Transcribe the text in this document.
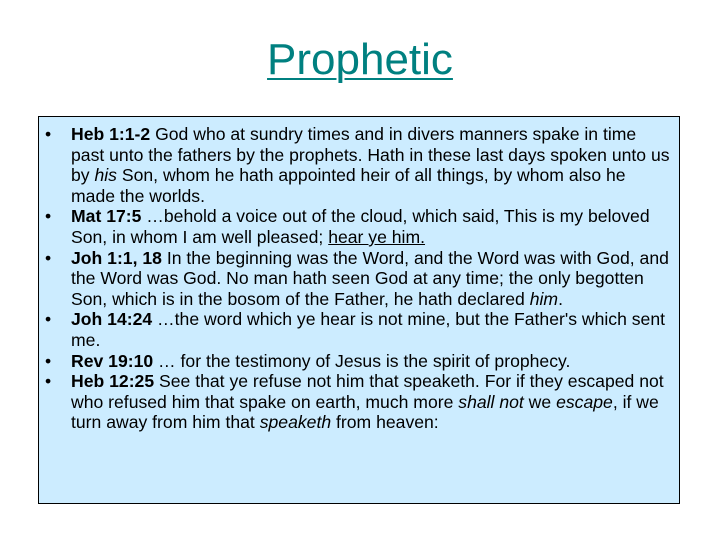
Prophetic
•	Heb 1:1-2 God who at sundry times and in divers manners spake in time past unto the fathers by the prophets. Hath in these last days spoken unto us by his Son, whom he hath appointed heir of all things, by whom also he made the worlds.
•	Mat 17:5 …behold a voice out of the cloud, which said, This is my beloved Son, in whom I am well pleased; hear ye him.
•	Joh 1:1, 18 In the beginning was the Word, and the Word was with God, and the Word was God. No man hath seen God at any time; the only begotten Son, which is in the bosom of the Father, he hath declared him.
•	Joh 14:24 …the word which ye hear is not mine, but the Father's which sent me.
•	Rev 19:10 … for the testimony of Jesus is the spirit of prophecy.
•	Heb 12:25 See that ye refuse not him that speaketh. For if they escaped not who refused him that spake on earth, much more shall not we escape, if we turn away from him that speaketh from heaven:
